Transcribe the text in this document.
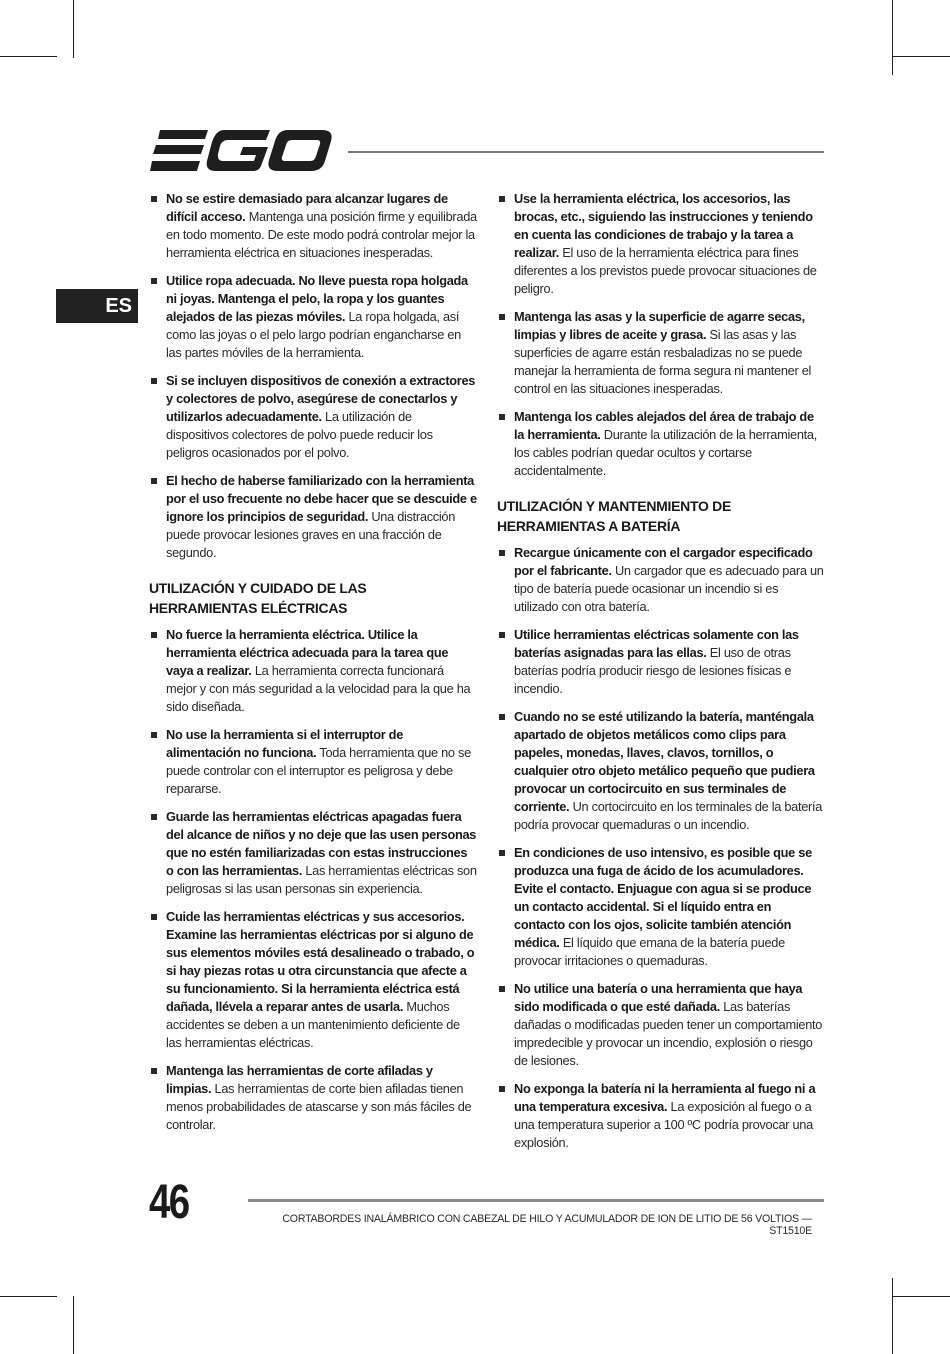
ES
No se estire demasiado para alcanzar lugares de difícil acceso. Mantenga una posición firme y equilibrada en todo momento. De este modo podrá controlar mejor la herramienta eléctrica en situaciones inesperadas.
Utilice ropa adecuada. No lleve puesta ropa holgada ni joyas. Mantenga el pelo, la ropa y los guantes alejados de las piezas móviles. La ropa holgada, así como las joyas o el pelo largo podrían engancharse en las partes móviles de la herramienta.
Si se incluyen dispositivos de conexión a extractores y colectores de polvo, asegúrese de conectarlos y utilizarlos adecuadamente. La utilización de dispositivos colectores de polvo puede reducir los peligros ocasionados por el polvo.
El hecho de haberse familiarizado con la herramienta por el uso frecuente no debe hacer que se descuide e ignore los principios de seguridad. Una distracción puede provocar lesiones graves en una fracción de segundo.
UTILIZACIÓN Y CUIDADO DE LAS HERRAMIENTAS ELÉCTRICAS
No fuerce la herramienta eléctrica. Utilice la herramienta eléctrica adecuada para la tarea que vaya a realizar. La herramienta correcta funcionará mejor y con más seguridad a la velocidad para la que ha sido diseñada.
No use la herramienta si el interruptor de alimentación no funciona. Toda herramienta que no se puede controlar con el interruptor es peligrosa y debe repararse.
Guarde las herramientas eléctricas apagadas fuera del alcance de niños y no deje que las usen personas que no estén familiarizadas con estas instrucciones o con las herramientas. Las herramientas eléctricas son peligrosas si las usan personas sin experiencia.
Cuide las herramientas eléctricas y sus accesorios. Examine las herramientas eléctricas por si alguno de sus elementos móviles está desalineado o trabado, o si hay piezas rotas u otra circunstancia que afecte a su funcionamiento. Si la herramienta eléctrica está dañada, llévela a reparar antes de usarla. Muchos accidentes se deben a un mantenimiento deficiente de las herramientas eléctricas.
Mantenga las herramientas de corte afiladas y limpias. Las herramientas de corte bien afiladas tienen menos probabilidades de atascarse y son más fáciles de controlar.
Use la herramienta eléctrica, los accesorios, las brocas, etc., siguiendo las instrucciones y teniendo en cuenta las condiciones de trabajo y la tarea a realizar. El uso de la herramienta eléctrica para fines diferentes a los previstos puede provocar situaciones de peligro.
Mantenga las asas y la superficie de agarre secas, limpias y libres de aceite y grasa. Si las asas y las superficies de agarre están resbaladizas no se puede manejar la herramienta de forma segura ni mantener el control en las situaciones inesperadas.
Mantenga los cables alejados del área de trabajo de la herramienta. Durante la utilización de la herramienta, los cables podrían quedar ocultos y cortarse accidentalmente.
UTILIZACIÓN Y MANTENMIENTO DE HERRAMIENTAS A BATERÍA
Recargue únicamente con el cargador especificado por el fabricante. Un cargador que es adecuado para un tipo de batería puede ocasionar un incendio si es utilizado con otra batería.
Utilice herramientas eléctricas solamente con las baterías asignadas para las ellas. El uso de otras baterías podría producir riesgo de lesiones físicas e incendio.
Cuando no se esté utilizando la batería, manténgala apartado de objetos metálicos como clips para papeles, monedas, llaves, clavos, tornillos, o cualquier otro objeto metálico pequeño que pudiera provocar un cortocircuito en sus terminales de corriente. Un cortocircuito en los terminales de la batería podría provocar quemaduras o un incendio.
En condiciones de uso intensivo, es posible que se produzca una fuga de ácido de los acumuladores. Evite el contacto. Enjuague con agua si se produce un contacto accidental. Si el líquido entra en contacto con los ojos, solicite también atención médica. El líquido que emana de la batería puede provocar irritaciones o quemaduras.
No utilice una batería o una herramienta que haya sido modificada o que esté dañada. Las baterías dañadas o modificadas pueden tener un comportamiento impredecible y provocar un incendio, explosión o riesgo de lesiones.
No exponga la batería ni la herramienta al fuego ni a una temperatura excesiva. La exposición al fuego o a una temperatura superior a 100 ºC podría provocar una explosión.
46	CORTABORDES INALÁMBRICO CON CABEZAL DE HILO Y ACUMULADOR DE ION DE LITIO DE 56 VOLTIOS — ST1510E
